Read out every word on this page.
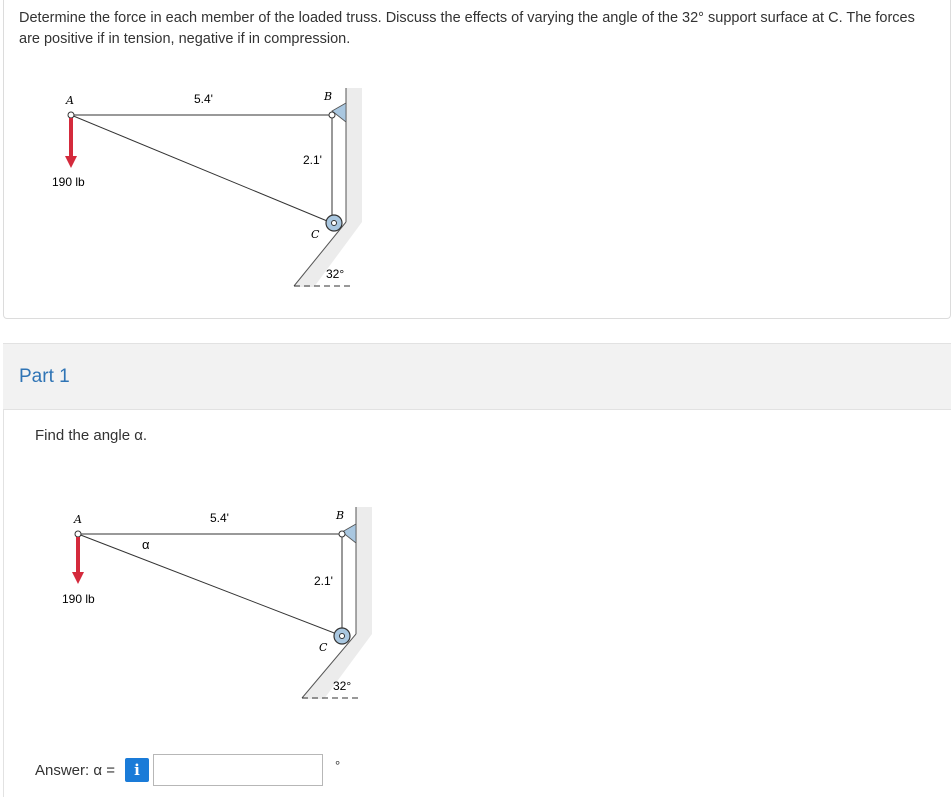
Determine the force in each member of the loaded truss. Discuss the effects of varying the angle of the 32° support surface at C. The forces are positive if in tension, negative if in compression.
A	B
C
5.4'
2.1'
190 lb
32°
Part 1
Find the angle α.
A	B
C
5.4'
α
2.1'
190 lb
32°
Answer: α =	i	°
